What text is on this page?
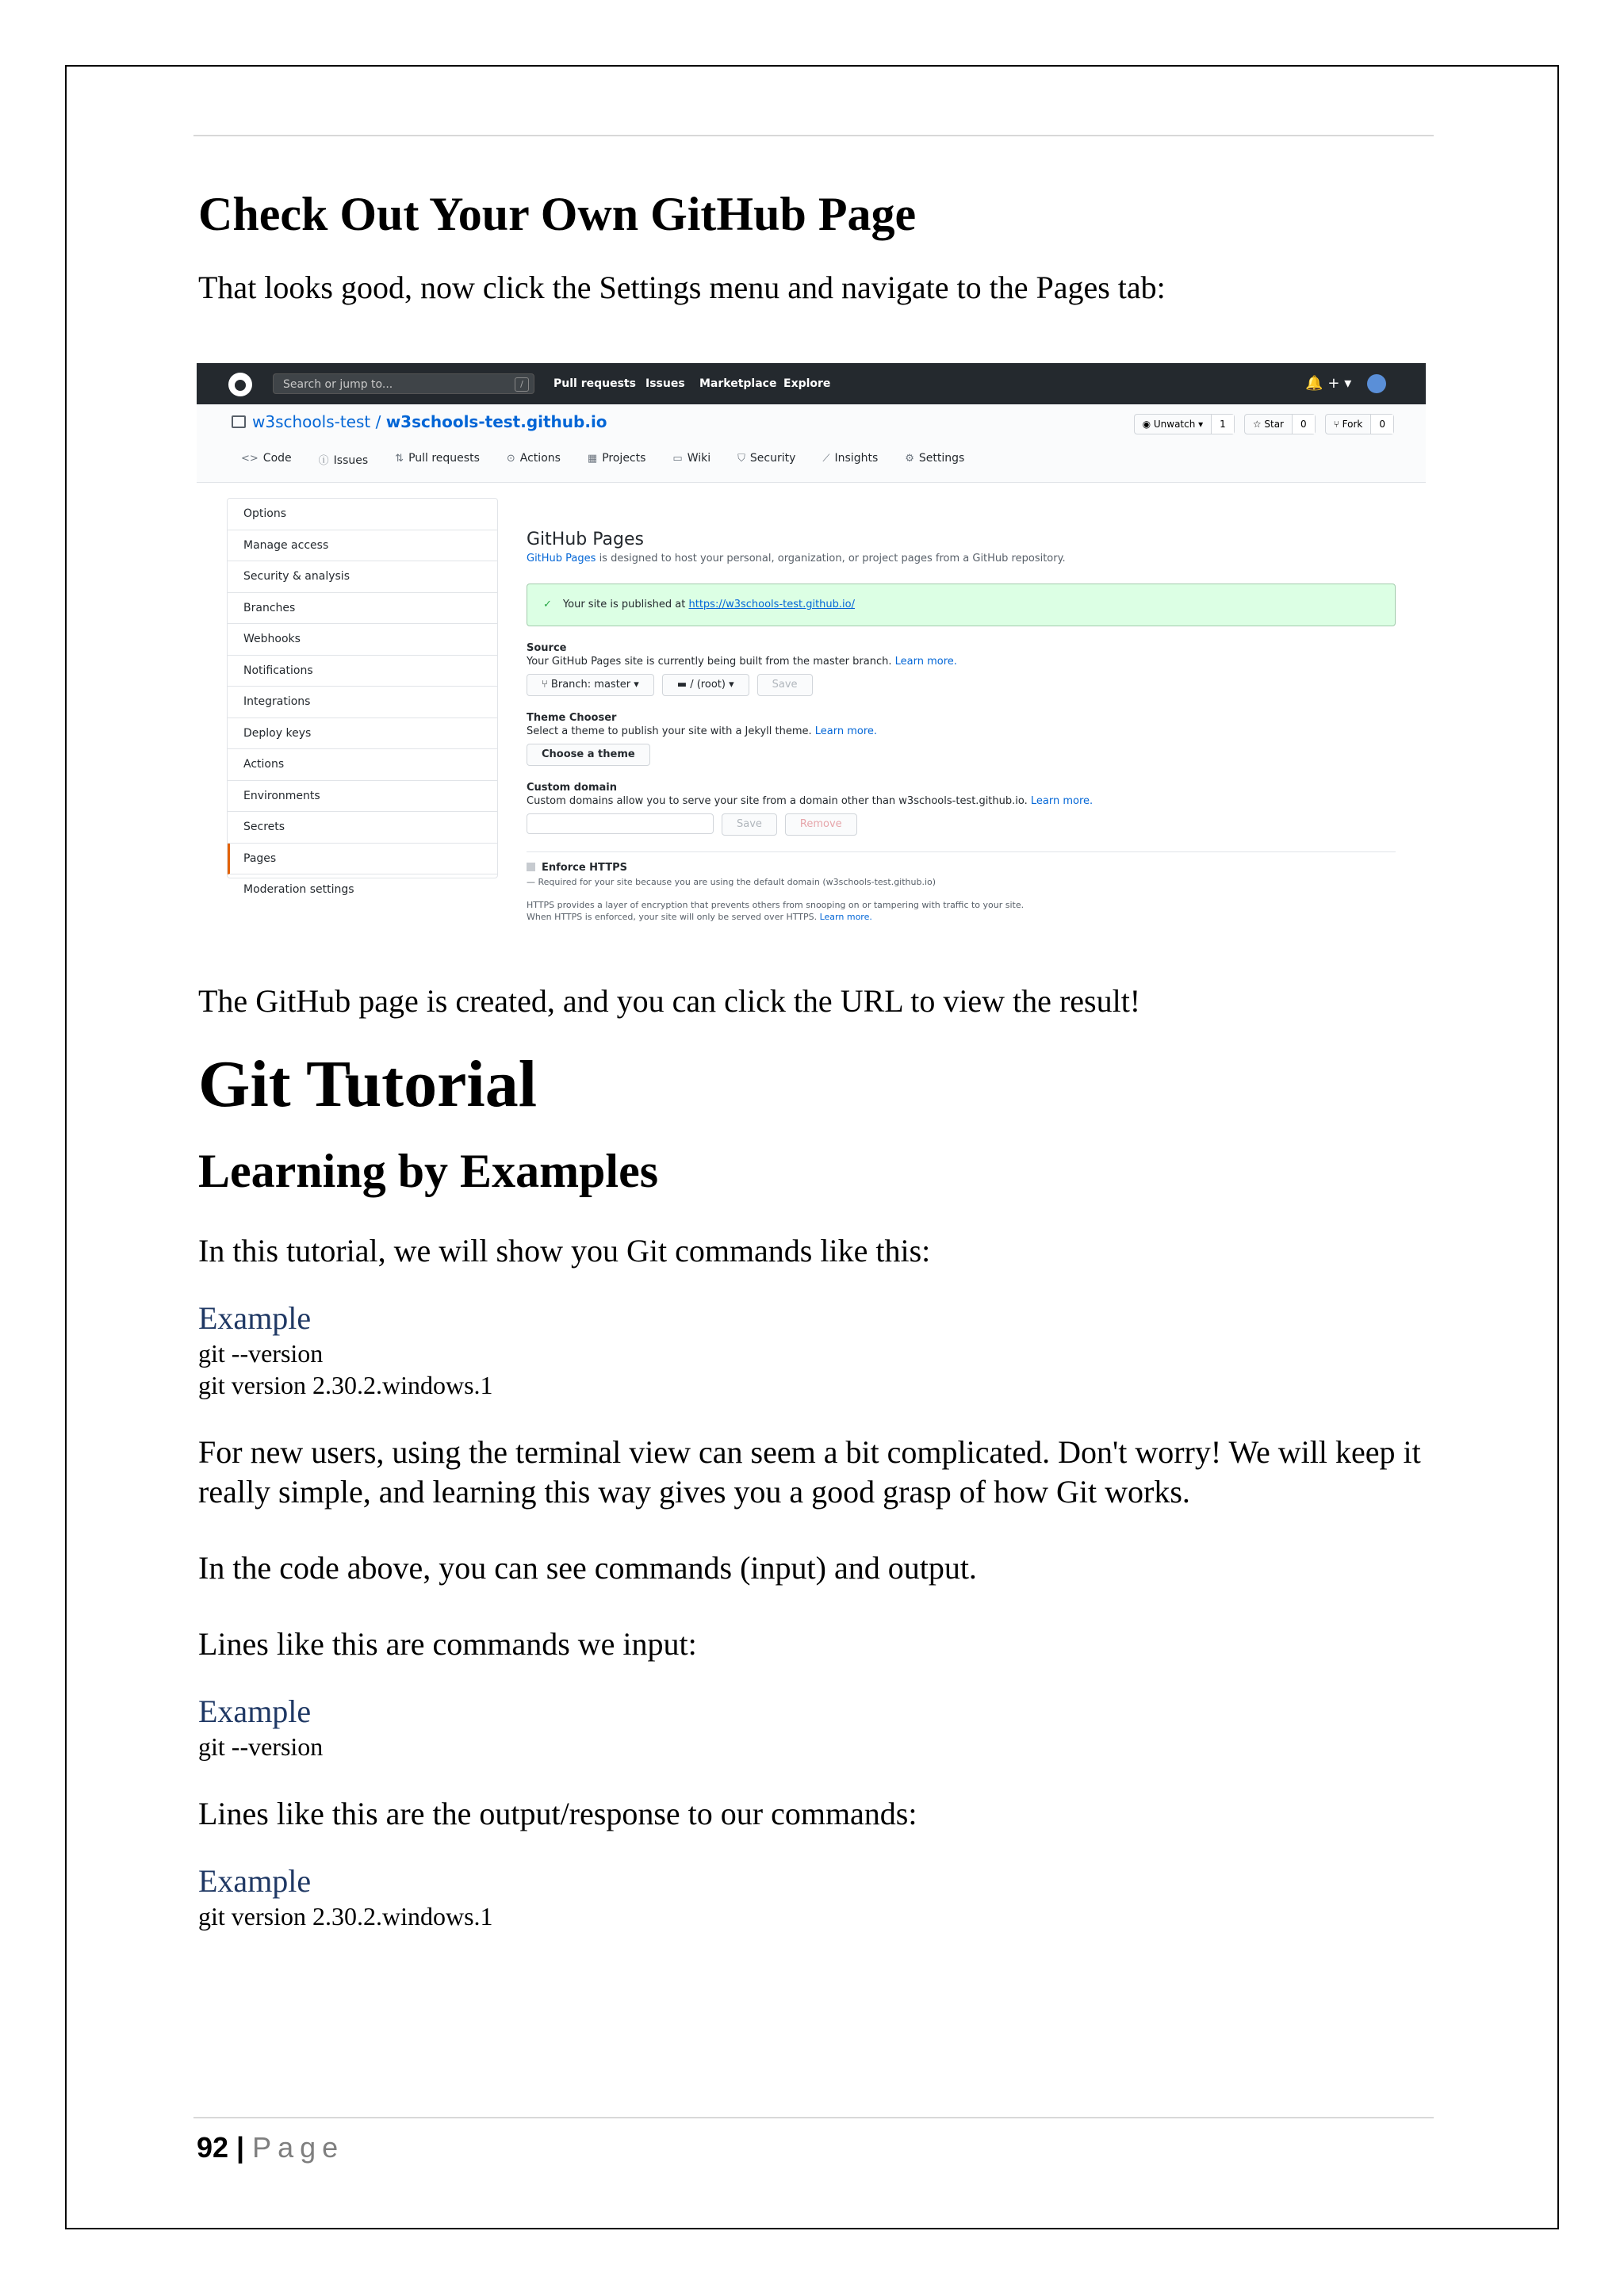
Check Out Your Own GitHub Page

That looks good, now click the Settings menu and navigate to the Pages tab:

Search or jump to...	/	Pull requests Issues Marketplace Explore	🔔 + ▾
w3schools-test / w3schools-test.github.io	◉ Unwatch ▾	1	☆ Star	0	⑂ Fork	0
<> Code	ⓘ Issues	⇅ Pull requests	⊙ Actions	▦ Projects	▭ Wiki	⛉ Security	⟋ Insights	⚙ Settings
Options
Manage access
Security & analysis
Branches
Webhooks
Notifications
Integrations
Deploy keys
Actions
Environments
Secrets
Pages
Moderation settings

GitHub Pages

GitHub Pages is designed to host your personal, organization, or project pages from a GitHub repository.

✓ Your site is published at https://w3schools-test.github.io/

Source

Your GitHub Pages site is currently being built from the master branch. Learn more.

⑂ Branch: master ▾	▬ / (root) ▾	Save

Theme Chooser

Select a theme to publish your site with a Jekyll theme. Learn more.

Choose a theme

Custom domain

Custom domains allow you to serve your site from a domain other than w3schools-test.github.io. Learn more.

Save	Remove

Enforce HTTPS

— Required for your site because you are using the default domain (w3schools-test.github.io)

HTTPS provides a layer of encryption that prevents others from snooping on or tampering with traffic to your site.

When HTTPS is enforced, your site will only be served over HTTPS. Learn more.

The GitHub page is created, and you can click the URL to view the result!

Git Tutorial
Learning by Examples

In this tutorial, we will show you Git commands like this:

Example

git --version

git version 2.30.2.windows.1

For new users, using the terminal view can seem a bit complicated. Don't worry! We will keep it really simple, and learning this way gives you a good grasp of how Git works.

In the code above, you can see commands (input) and output.

Lines like this are commands we input:

Example

git --version

Lines like this are the output/response to our commands:

Example

git version 2.30.2.windows.1

92 | Page
